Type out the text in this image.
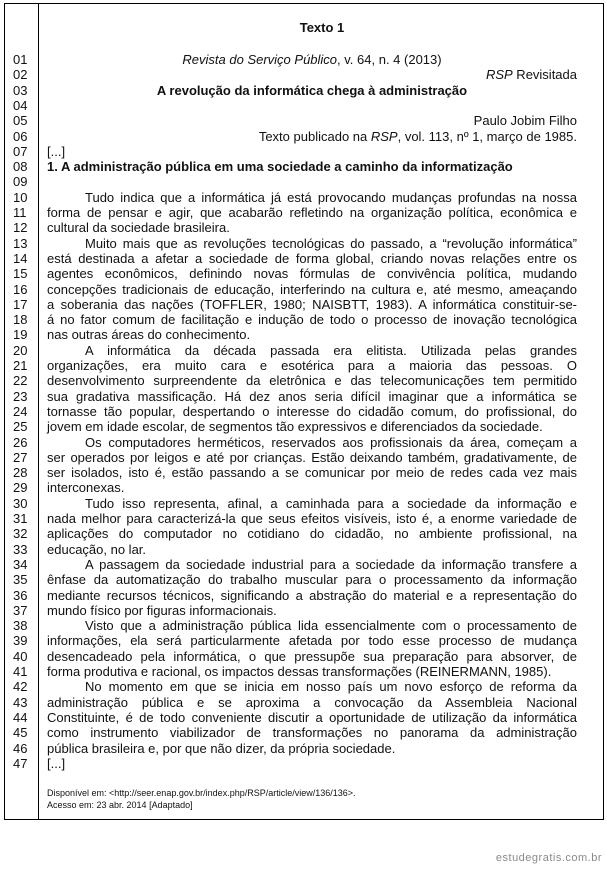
Texto 1
01	Revista do Serviço Público, v. 64, n. 4 (2013)
02	RSP Revisitada
03	A revolução da informática chega à administração
04
05	Paulo Jobim Filho
06	Texto publicado na RSP, vol. 113, nº 1, março de 1985.
07	[...]
08	1. A administração pública em uma sociedade a caminho da informatização
09
10	Tudo indica que a informática já está provocando mudanças profundas na nossa
11	forma de pensar e agir, que acabarão refletindo na organização política, econômica e
12	cultural da sociedade brasileira.
13	Muito mais que as revoluções tecnológicas do passado, a “revolução informática”
14	está destinada a afetar a sociedade de forma global, criando novas relações entre os
15	agentes econômicos, definindo novas fórmulas de convivência política, mudando
16	concepções tradicionais de educação, interferindo na cultura e, até mesmo, ameaçando
17	a soberania das nações (TOFFLER, 1980; NAISBTT, 1983). A informática constituir-se-
18	á no fator comum de facilitação e indução de todo o processo de inovação tecnológica
19	nas outras áreas do conhecimento.
20	A informática da década passada era elitista. Utilizada pelas grandes
21	organizações, era muito cara e esotérica para a maioria das pessoas. O
22	desenvolvimento surpreendente da eletrônica e das telecomunicações tem permitido
23	sua gradativa massificação. Há dez anos seria difícil imaginar que a informática se
24	tornasse tão popular, despertando o interesse do cidadão comum, do profissional, do
25	jovem em idade escolar, de segmentos tão expressivos e diferenciados da sociedade.
26	Os computadores herméticos, reservados aos profissionais da área, começam a
27	ser operados por leigos e até por crianças. Estão deixando também, gradativamente, de
28	ser isolados, isto é, estão passando a se comunicar por meio de redes cada vez mais
29	interconexas.
30	Tudo isso representa, afinal, a caminhada para a sociedade da informação e
31	nada melhor para caracterizá-la que seus efeitos visíveis, isto é, a enorme variedade de
32	aplicações do computador no cotidiano do cidadão, no ambiente profissional, na
33	educação, no lar.
34	A passagem da sociedade industrial para a sociedade da informação transfere a
35	ênfase da automatização do trabalho muscular para o processamento da informação
36	mediante recursos técnicos, significando a abstração do material e a representação do
37	mundo físico por figuras informacionais.
38	Visto que a administração pública lida essencialmente com o processamento de
39	informações, ela será particularmente afetada por todo esse processo de mudança
40	desencadeado pela informática, o que pressupõe sua preparação para absorver, de
41	forma produtiva e racional, os impactos dessas transformações (REINERMANN, 1985).
42	No momento em que se inicia em nosso país um novo esforço de reforma da
43	administração pública e se aproxima a convocação da Assembleia Nacional
44	Constituinte, é de todo conveniente discutir a oportunidade de utilização da informática
45	como instrumento viabilizador de transformações no panorama da administração
46	pública brasileira e, por que não dizer, da própria sociedade.
47	[...]
Disponível em: <http://seer.enap.gov.br/index.php/RSP/article/view/136/136>.
Acesso em: 23 abr. 2014 [Adaptado]
estudegratis.com.br
